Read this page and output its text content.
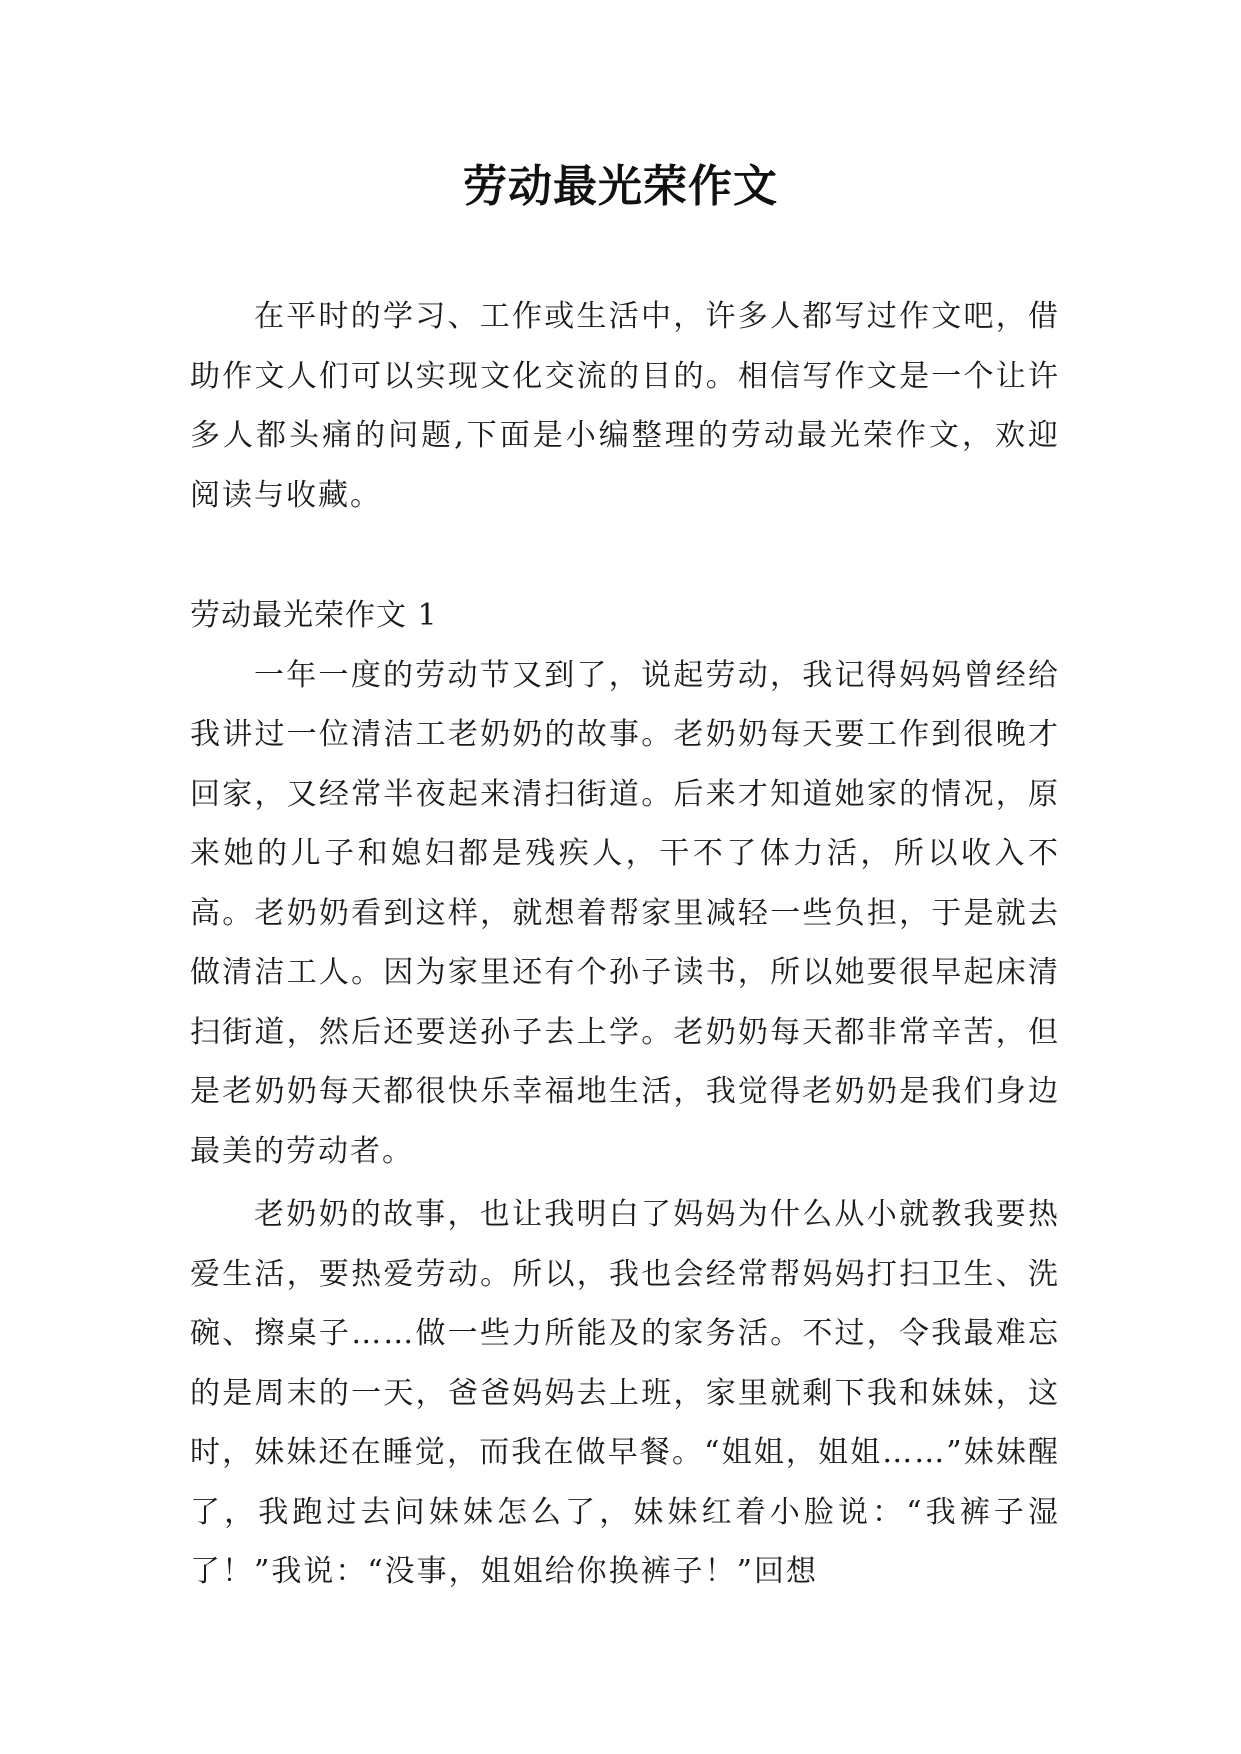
劳动最光荣作文

在平时的学习、工作或生活中，许多人都写过作文吧，借助作文人们可以实现文化交流的目的。相信写作文是一个让许多人都头痛的问题,下面是小编整理的劳动最光荣作文，欢迎阅读与收藏。

劳动最光荣作文 1

一年一度的劳动节又到了，说起劳动，我记得妈妈曾经给我讲过一位清洁工老奶奶的故事。老奶奶每天要工作到很晚才回家，又经常半夜起来清扫街道。后来才知道她家的情况，原来她的儿子和媳妇都是残疾人，干不了体力活，所以收入不高。老奶奶看到这样，就想着帮家里减轻一些负担，于是就去做清洁工人。因为家里还有个孙子读书，所以她要很早起床清扫街道，然后还要送孙子去上学。老奶奶每天都非常辛苦，但是老奶奶每天都很快乐幸福地生活，我觉得老奶奶是我们身边最美的劳动者。

老奶奶的故事，也让我明白了妈妈为什么从小就教我要热爱生活，要热爱劳动。所以，我也会经常帮妈妈打扫卫生、洗碗、擦桌子……做一些力所能及的家务活。不过，令我最难忘的是周末的一天，爸爸妈妈去上班，家里就剩下我和妹妹，这时，妹妹还在睡觉，而我在做早餐。“姐姐，姐姐……”妹妹醒了，我跑过去问妹妹怎么了，妹妹红着小脸说：“我裤子湿了！”我说：“没事，姐姐给你换裤子！”回想
